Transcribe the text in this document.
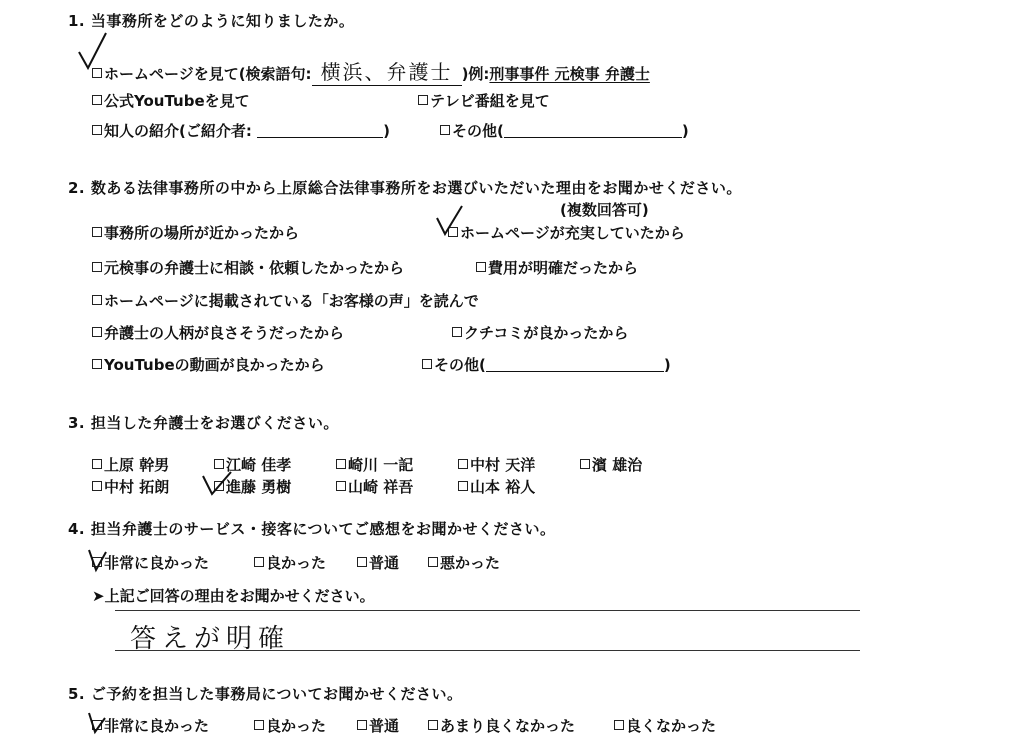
1. 当事務所をどのように知りましたか。
ホームページを見て(検索語句: 横浜、弁護士 )例:刑事事件 元検事 弁護士
公式YouTubeを見て	テレビ番組を見て
知人の紹介(ご紹介者:	)	その他(	)
2. 数ある法律事務所の中から上原総合法律事務所をお選びいただいた理由をお聞かせください。
(複数回答可)
事務所の場所が近かったから	ホームページが充実していたから
元検事の弁護士に相談・依頼したかったから	費用が明確だったから
ホームページに掲載されている「お客様の声」を読んで
弁護士の人柄が良さそうだったから	クチコミが良かったから
YouTubeの動画が良かったから	その他(	)
3. 担当した弁護士をお選びください。
上原 幹男	江崎 佳孝	崎川 一記	中村 天洋	濱 雄治
中村 拓朗	進藤 勇樹	山崎 祥吾	山本 裕人
4. 担当弁護士のサービス・接客についてご感想をお聞かせください。
非常に良かった	良かった	普通	悪かった
➤上記ご回答の理由をお聞かせください。
答えが明確
5. ご予約を担当した事務局についてお聞かせください。
非常に良かった	良かった	普通	あまり良くなかった	良くなかった
